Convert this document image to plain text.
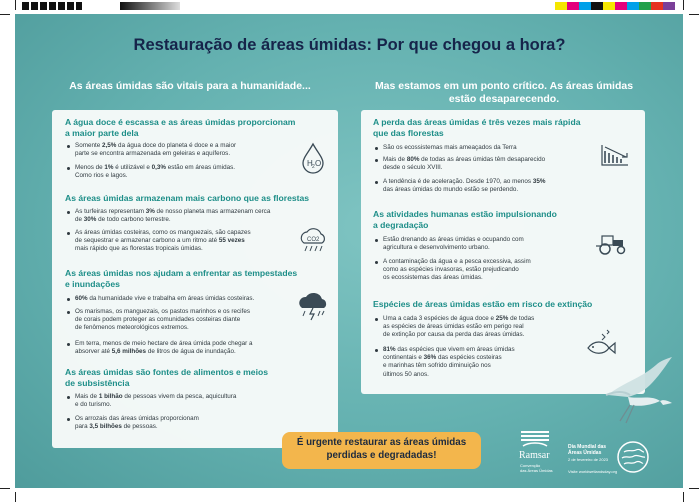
Restauração de áreas úmidas: Por que chegou a hora?
As áreas úmidas são vitais para a humanidade...	Mas estamos em um ponto crítico. As áreas úmidas
estão desaparecendo.
A água doce é escassa e as áreas úmidas proporcionam
a maior parte dela
Somente 2,5% da água doce do planeta é doce e a maior
parte se encontra armazenada em geleiras e aquíferos.
Menos de 1% é utilizável e 0,3% estão em áreas úmidas.
Como rios e lagos.
H 2 O
As áreas úmidas armazenam mais carbono que as florestas
As turfeiras representam 3% de nosso planeta mas armazenam cerca
de 30% de todo carbono terrestre.
As áreas úmidas costeiras, como os manguezais, são capazes
de sequestrar e armazenar carbono a um ritmo até 55 vezes
mais rápido que as florestas tropicais úmidas.
CO2
As áreas úmidas nos ajudam a enfrentar as tempestades
e inundações
60% da humanidade vive e trabalha em áreas úmidas costeiras.
Os marismas, os manguezais, os pastos marinhos e os recifes
de corais podem proteger as comunidades costeiras diante
de fenômenos meteorológicos extremos.
Em terra, menos de meio hectare de área úmida pode chegar a
absorver até 5,6 milhões de litros de água de inundação.
As áreas úmidas são fontes de alimentos e meios
de subsistência
Mais de 1 bilhão de pessoas vivem da pesca, aquicultura
e do turismo.
Os arrozais das áreas úmidas proporcionam
para 3,5 bilhões de pessoas.
A perda das áreas úmidas é três vezes mais rápida
que das florestas
São os ecossistemas mais ameaçados da Terra
Mais de 80% de todas as áreas úmidas têm desaparecido
desde o século XVIII.
A tendência é de aceleração. Desde 1970, ao menos 35%
das áreas úmidas do mundo estão se perdendo.
As atividades humanas estão impulsionando
a degradação
Estão drenando as áreas úmidas e ocupando com
agricultura e desenvolvimento urbano.
A contaminação da água e a pesca excessiva, assim
como as espécies invasoras, estão prejudicando
os ecossistemas das áreas úmidas.
Espécies de áreas úmidas estão em risco de extinção
Uma a cada 3 espécies de água doce e 25% de todas
as espécies de áreas úmidas estão em perigo real
de extinção por causa da perda das áreas úmidas.
81% das espécies que vivem em áreas úmidas
continentais e 36% das espécies costeiras
e marinhas têm sofrido diminuição nos
últimos 50 anos.
É urgente restaurar as áreas úmidas
perdidas e degradadas!	Ramsar
Convenção
das Áreas Úmidas
Dia Mundial das
Áreas Úmidas
2 de fevereiro de 2023
Visite worldwetlandsday.org
